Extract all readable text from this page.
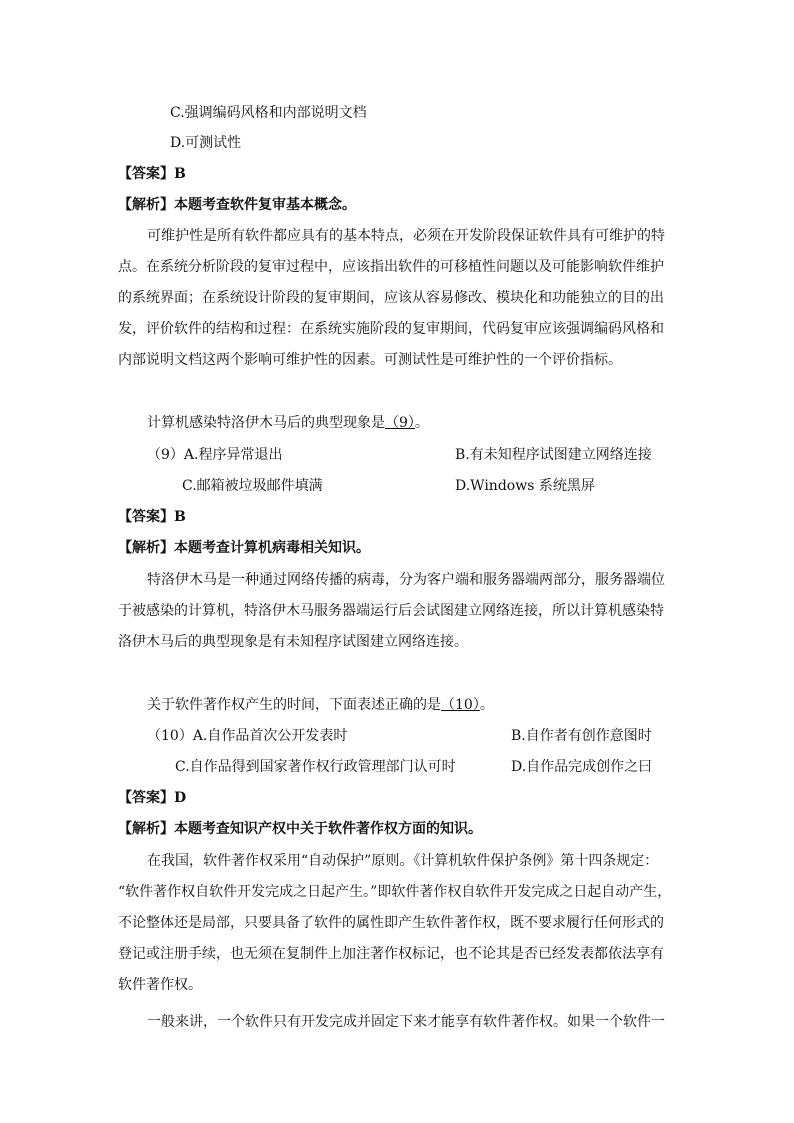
C.强调编码风格和内部说明文档
D.可测试性
【答案】B
【解析】本题考查软件复审基本概念。
可维护性是所有软件都应具有的基本特点，必须在开发阶段保证软件具有可维护的特
点。在系统分析阶段的复审过程中，应该指出软件的可移植性问题以及可能影响软件维护
的系统界面；在系统设计阶段的复审期间，应该从容易修改、模块化和功能独立的目的出
发，评价软件的结构和过程：在系统实施阶段的复审期间，代码复审应该强调编码风格和
内部说明文档这两个影响可维护性的因素。可测试性是可维护性的一个评价指标。
计算机感染特洛伊木马后的典型现象是（9）。
（9）A.程序异常退出	B.有未知程序试图建立网络连接
C.邮箱被垃圾邮件填满	D.Windows 系统黑屏
【答案】B
【解析】本题考查计算机病毒相关知识。
特洛伊木马是一种通过网络传播的病毒，分为客户端和服务器端两部分，服务器端位
于被感染的计算机，特洛伊木马服务器端运行后会试图建立网络连接，所以计算机感染特
洛伊木马后的典型现象是有未知程序试图建立网络连接。
关于软件著作权产生的时间，下面表述正确的是（10）。
（10）A.自作品首次公开发表时	B.自作者有创作意图时
C.自作品得到国家著作权行政管理部门认可时	D.自作品完成创作之曰
【答案】D
【解析】本题考查知识产权中关于软件著作权方面的知识。
在我国，软件著作权采用“自动保护”原则。《计算机软件保护条例》第十四条规定：
“软件著作权自软件开发完成之日起产生。”即软件著作权自软件开发完成之日起自动产生，
不论整体还是局部，只要具备了软件的属性即产生软件著作权，既不要求履行任何形式的
登记或注册手续，也无须在复制件上加注著作权标记，也不论其是否已经发表都依法享有
软件著作权。
一般来讲，一个软件只有开发完成并固定下来才能享有软件著作权。如果一个软件一
